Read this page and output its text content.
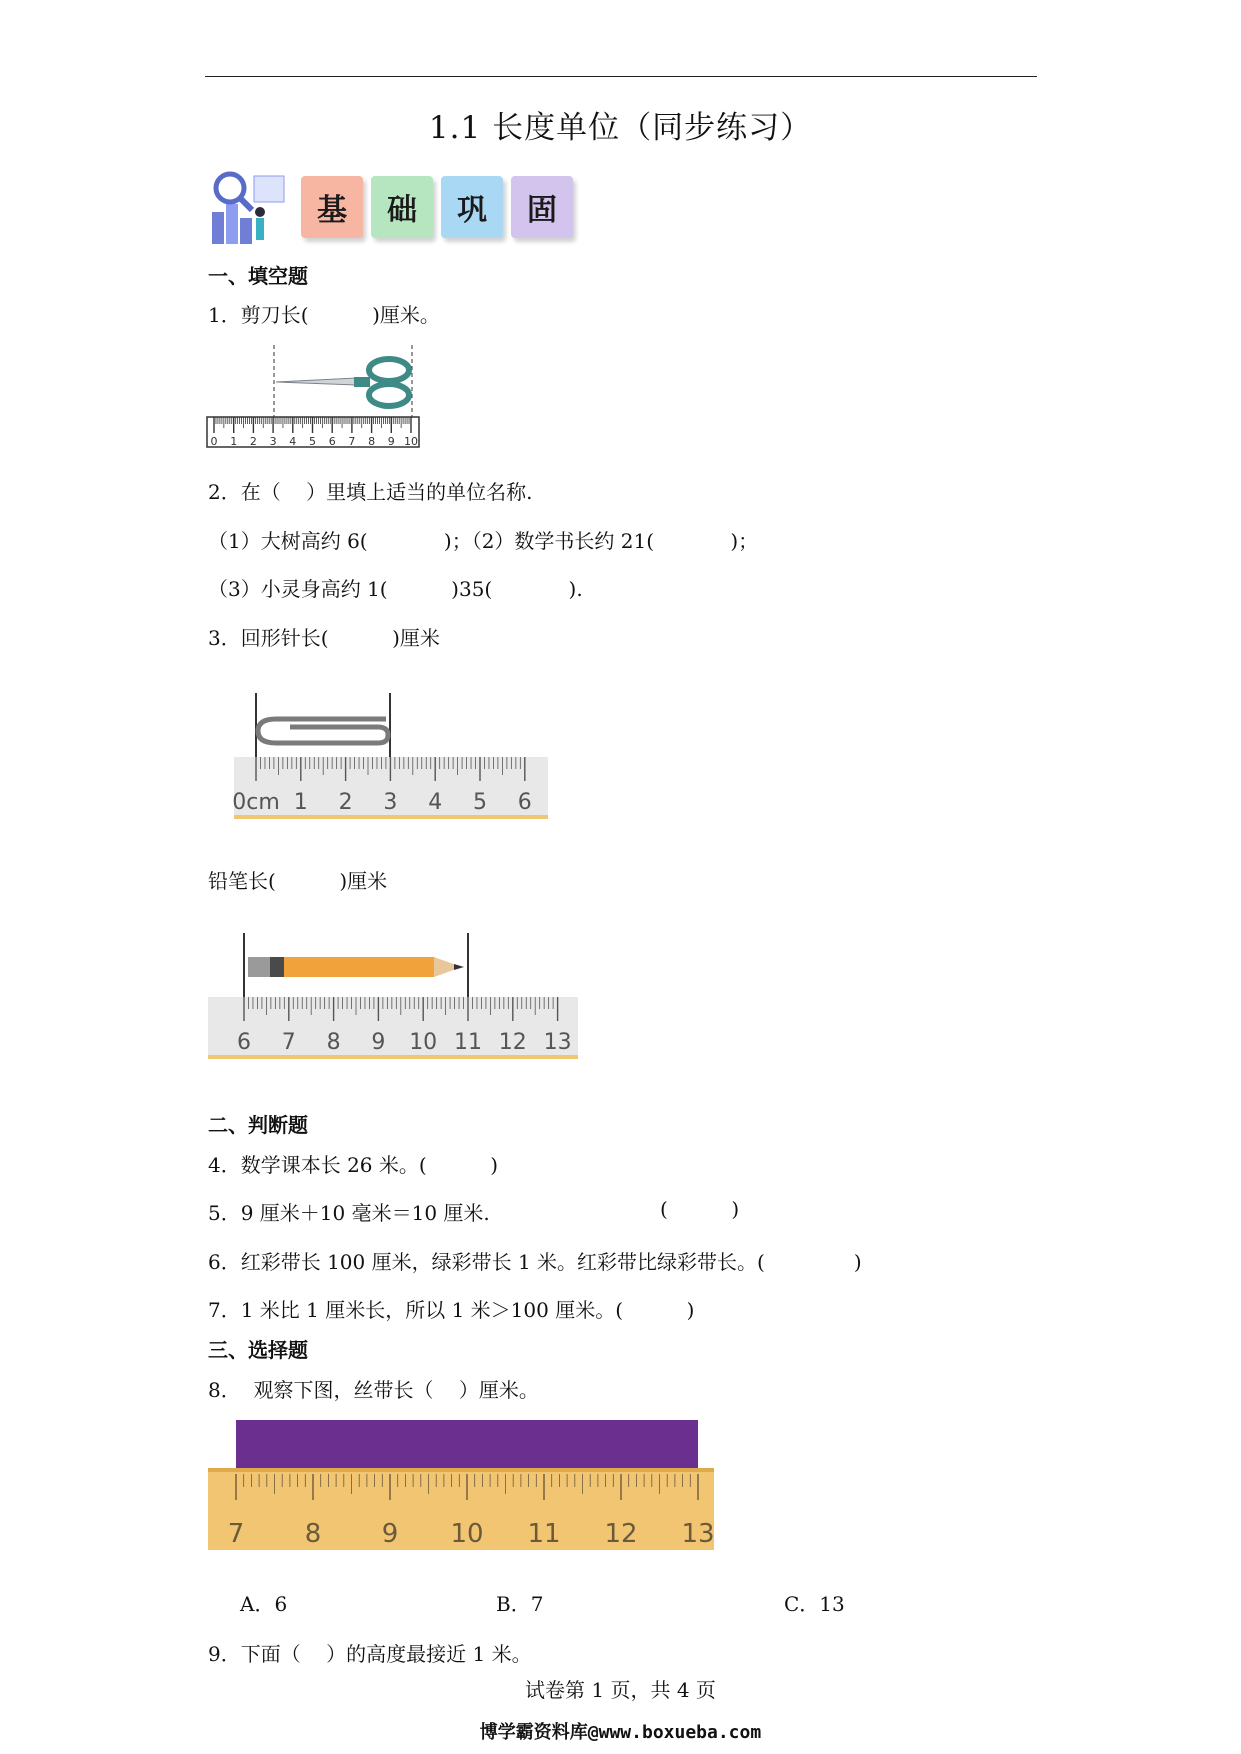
1.1 长度单位（同步练习）
基	础	巩	固
一、填空题
1．剪刀长(          )厘米。
0 1 2 3 4 5 6 7 8 9 10
2．在（    ）里填上适当的单位名称.
（1）大树高约 6(            )；（2）数学书长约 21(            )；
（3）小灵身高约 1(          )35(            ).
3．回形针长(          )厘米
0cm 1 2 3 4 5 6
铅笔长(          )厘米
6 7 8 9 10 11 12 13
二、判断题
4．数学课本长 26 米。(          )
5．9 厘米＋10 毫米＝10 厘米.	(          )
6．红彩带长 100 厘米，绿彩带长 1 米。红彩带比绿彩带长。(              )
7．1 米比 1 厘米长，所以 1 米＞100 厘米。(          )
三、选择题
8．  观察下图，丝带长（    ）厘米。
7 8 9 10 11 12 13
A．6	B．7	C．13
9．下面（    ）的高度最接近 1 米。
试卷第 1 页，共 4 页
博学霸资料库@www.boxueba.com
